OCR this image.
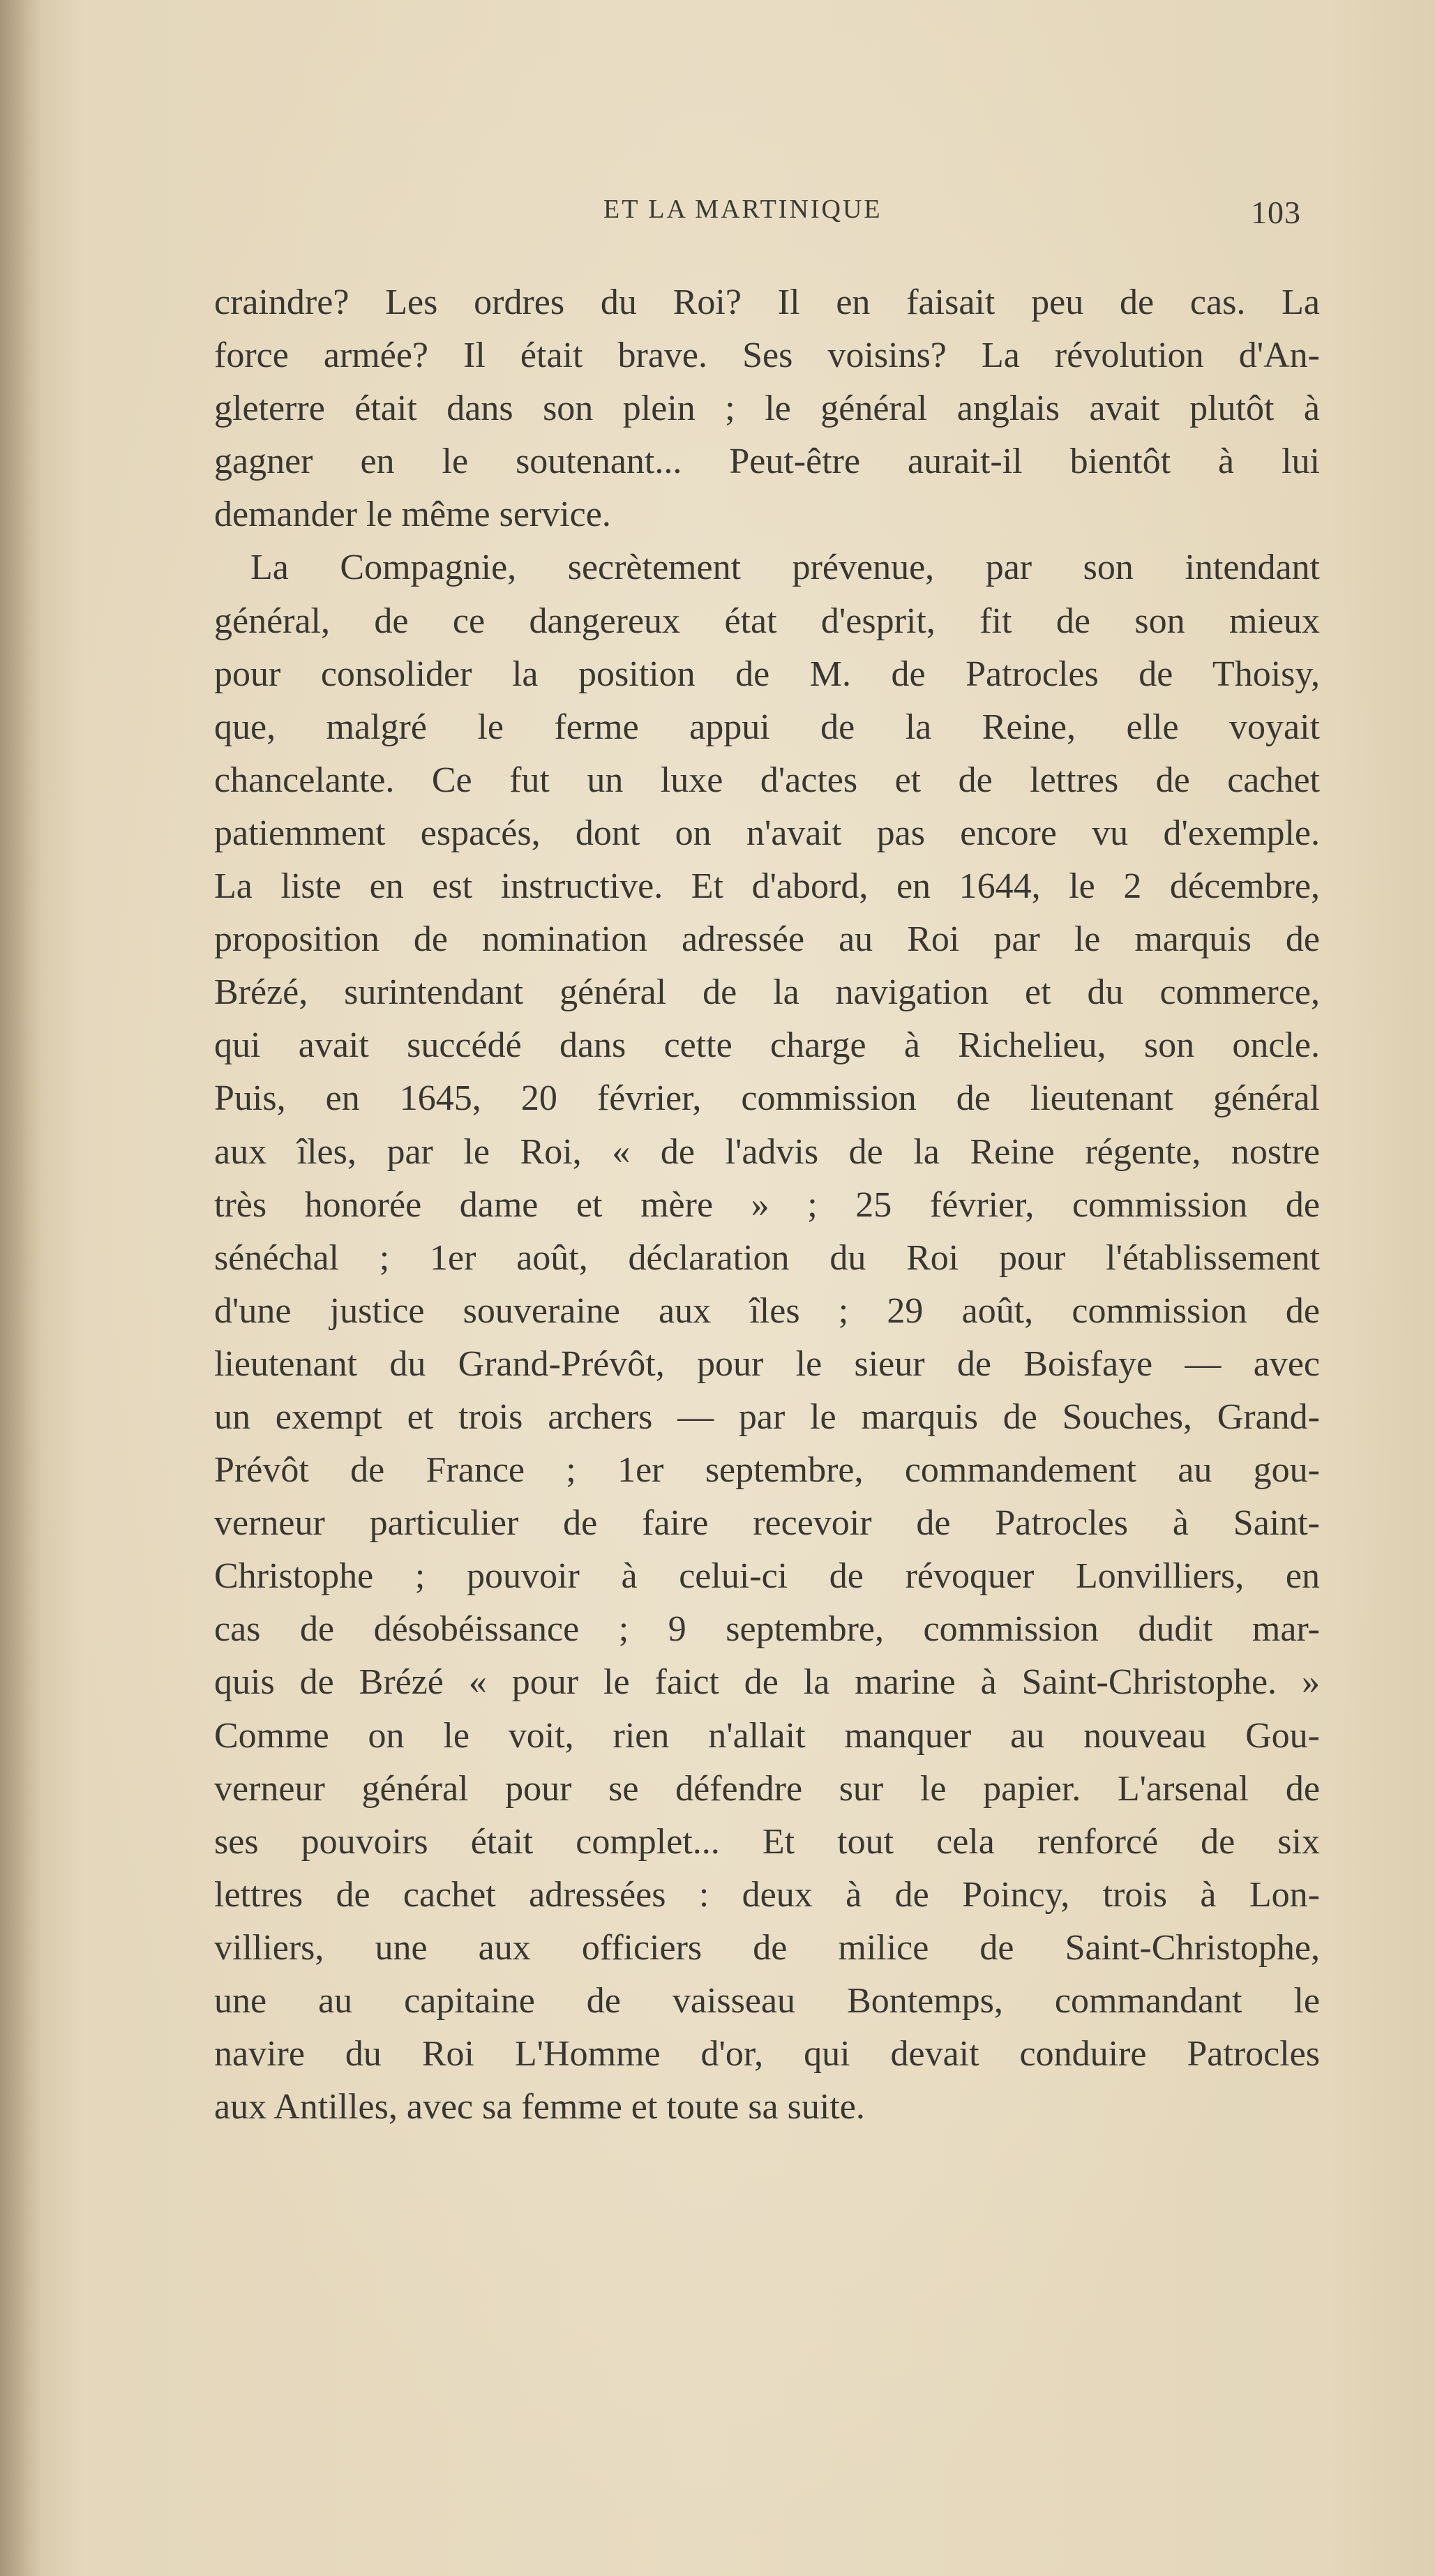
ET LA MARTINIQUE	103
craindre? Les ordres du Roi? Il en faisait peu de cas. La
force armée? Il était brave. Ses voisins? La révolution d'An-
gleterre était dans son plein ; le général anglais avait plutôt à
gagner en le soutenant... Peut-être aurait-il bientôt à lui
demander le même service.
La Compagnie, secrètement prévenue, par son intendant
général, de ce dangereux état d'esprit, fit de son mieux
pour consolider la position de M. de Patrocles de Thoisy,
que, malgré le ferme appui de la Reine, elle voyait
chancelante. Ce fut un luxe d'actes et de lettres de cachet
patiemment espacés, dont on n'avait pas encore vu d'exemple.
La liste en est instructive. Et d'abord, en 1644, le 2 décembre,
proposition de nomination adressée au Roi par le marquis de
Brézé, surintendant général de la navigation et du commerce,
qui avait succédé dans cette charge à Richelieu, son oncle.
Puis, en 1645, 20 février, commission de lieutenant général
aux îles, par le Roi, « de l'advis de la Reine régente, nostre
très honorée dame et mère » ; 25 février, commission de
sénéchal ; 1er août, déclaration du Roi pour l'établissement
d'une justice souveraine aux îles ; 29 août, commission de
lieutenant du Grand-Prévôt, pour le sieur de Boisfaye — avec
un exempt et trois archers — par le marquis de Souches, Grand-
Prévôt de France ; 1er septembre, commandement au gou-
verneur particulier de faire recevoir de Patrocles à Saint-
Christophe ; pouvoir à celui-ci de révoquer Lonvilliers, en
cas de désobéissance ; 9 septembre, commission dudit mar-
quis de Brézé « pour le faict de la marine à Saint-Christophe. »
Comme on le voit, rien n'allait manquer au nouveau Gou-
verneur général pour se défendre sur le papier. L'arsenal de
ses pouvoirs était complet... Et tout cela renforcé de six
lettres de cachet adressées : deux à de Poincy, trois à Lon-
villiers, une aux officiers de milice de Saint-Christophe,
une au capitaine de vaisseau Bontemps, commandant le
navire du Roi L'Homme d'or, qui devait conduire Patrocles
aux Antilles, avec sa femme et toute sa suite.
